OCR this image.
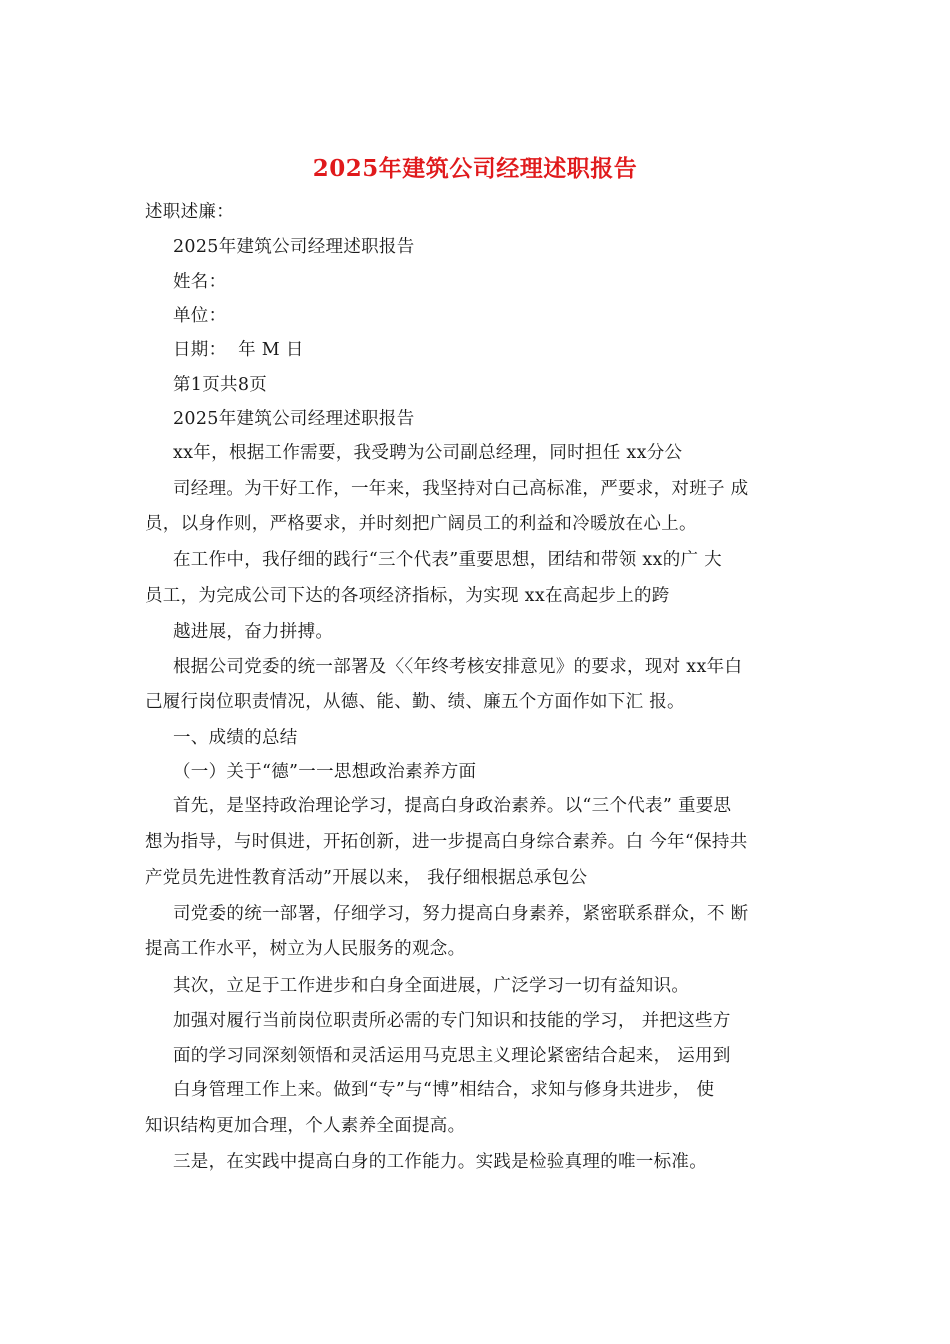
2025年建筑公司经理述职报告
述职述廉：
2025年建筑公司经理述职报告
姓名：
单位：
日期：  年 M 日
第1页共8页
2025年建筑公司经理述职报告
xx年，根据工作需要，我受聘为公司副总经理，同时担任 xx分公
司经理。为干好工作，一年来，我坚持对白己高标准，严要求，对班子 成
员，以身作则，严格要求，并时刻把广阔员工的利益和冷暖放在心上。
在工作中，我仔细的践行“三个代表”重要思想，团结和带领 xx的广 大
员工，为完成公司下达的各项经济指标，为实现 xx在高起步上的跨
越进展，奋力拼搏。
根据公司党委的统一部署及〈〈年终考核安排意见》的要求，现对 xx年白
己履行岗位职责情况，从德、能、勤、绩、廉五个方面作如下汇 报。
一、成绩的总结
（一）关于“德”一一思想政治素养方面
首先，是坚持政治理论学习，提高白身政治素养。以“三个代表” 重要思
想为指导，与时俱进，开拓创新，进一步提高白身综合素养。白 今年“保持共
产党员先进性教育活动”开展以来， 我仔细根据总承包公
司党委的统一部署，仔细学习，努力提高白身素养，紧密联系群众，不 断
提高工作水平，树立为人民服务的观念。
其次，立足于工作进步和白身全面进展，广泛学习一切有益知识。
加强对履行当前岗位职责所必需的专门知识和技能的学习， 并把这些方
面的学习同深刻领悟和灵活运用马克思主义理论紧密结合起来， 运用到
白身管理工作上来。做到“专”与“博”相结合，求知与修身共进步， 使
知识结构更加合理，个人素养全面提高。
三是，在实践中提高白身的工作能力。实践是检验真理的唯一标准。
